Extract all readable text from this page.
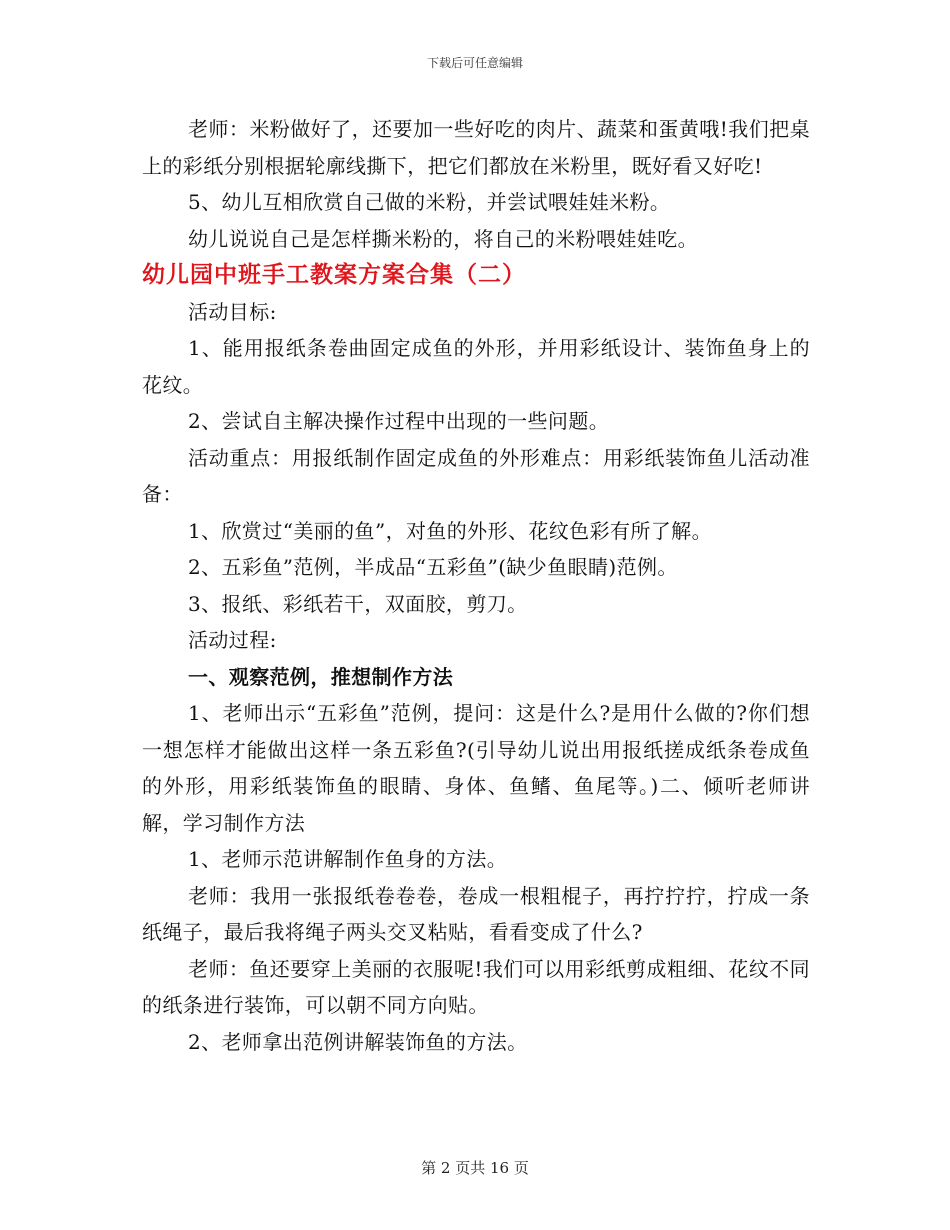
下载后可任意编辑

老师：米粉做好了，还要加一些好吃的肉片、蔬菜和蛋黄哦!我们把桌上的彩纸分别根据轮廓线撕下，把它们都放在米粉里，既好看又好吃!

5、幼儿互相欣赏自己做的米粉，并尝试喂娃娃米粉。

幼儿说说自己是怎样撕米粉的，将自己的米粉喂娃娃吃。

幼儿园中班手工教案方案合集（二）

活动目标:

1、能用报纸条卷曲固定成鱼的外形，并用彩纸设计、装饰鱼身上的花纹。

2、尝试自主解决操作过程中出现的一些问题。

活动重点：用报纸制作固定成鱼的外形难点：用彩纸装饰鱼儿活动准备：

1、欣赏过“美丽的鱼”，对鱼的外形、花纹色彩有所了解。

2、五彩鱼”范例，半成品“五彩鱼”(缺少鱼眼睛)范例。

3、报纸、彩纸若干，双面胶，剪刀。

活动过程:

一、观察范例，推想制作方法

1、老师出示“五彩鱼”范例，提问：这是什么?是用什么做的?你们想一想怎样才能做出这样一条五彩鱼?(引导幼儿说出用报纸搓成纸条卷成鱼的外形，用彩纸装饰鱼的眼睛、身体、鱼鳍、鱼尾等。)二、倾听老师讲解，学习制作方法

1、老师示范讲解制作鱼身的方法。

老师：我用一张报纸卷卷卷，卷成一根粗棍子，再拧拧拧，拧成一条纸绳子，最后我将绳子两头交叉粘贴，看看变成了什么?

老师：鱼还要穿上美丽的衣服呢!我们可以用彩纸剪成粗细、花纹不同的纸条进行装饰，可以朝不同方向贴。

2、老师拿出范例讲解装饰鱼的方法。

第 2 页共 16 页
